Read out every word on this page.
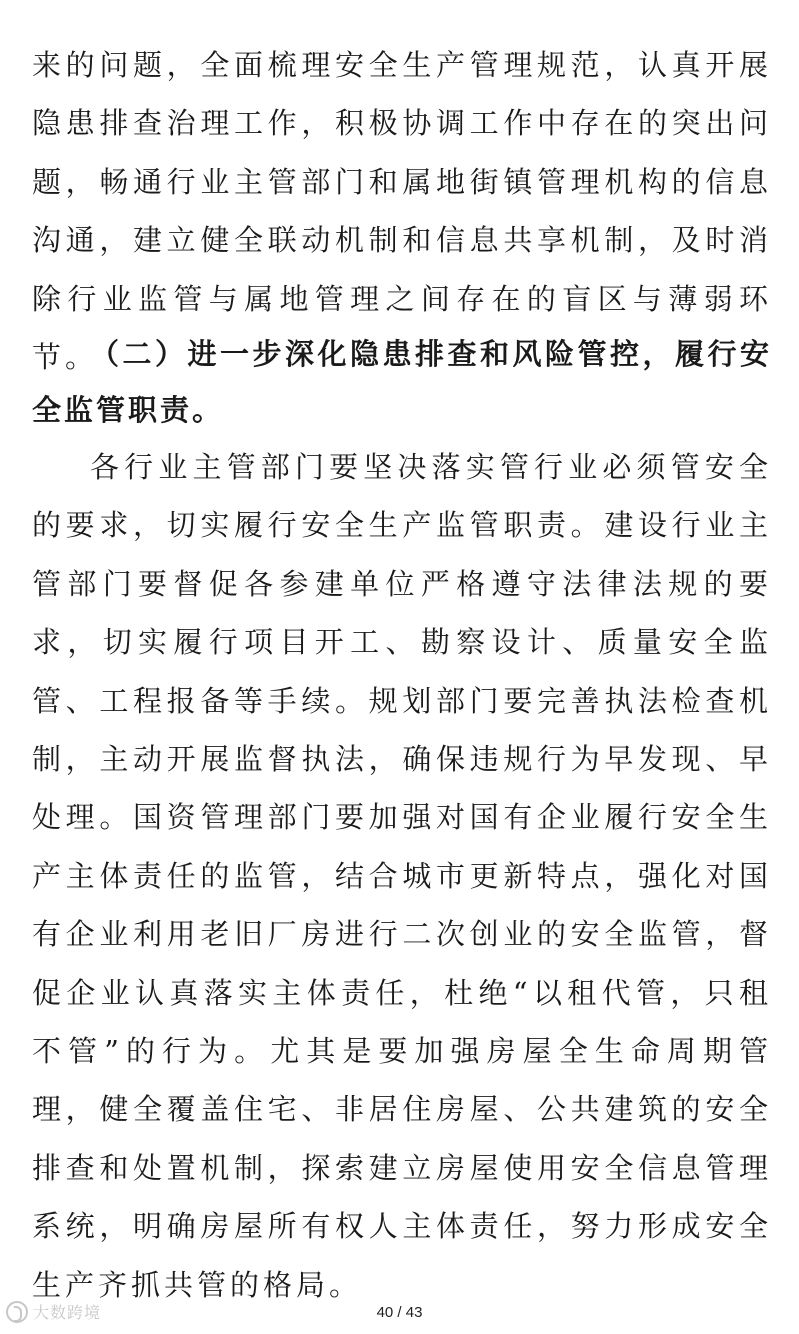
来的问题，全面梳理安全生产管理规范，认真开展隐患排查治理工作，积极协调工作中存在的突出问题，畅通行业主管部门和属地街镇管理机构的信息沟通，建立健全联动机制和信息共享机制，及时消除行业监管与属地管理之间存在的盲区与薄弱环节。

（二）进一步深化隐患排查和风险管控，履行安全监管职责。

各行业主管部门要坚决落实管行业必须管安全的要求，切实履行安全生产监管职责。建设行业主管部门要督促各参建单位严格遵守法律法规的要求，切实履行项目开工、勘察设计、质量安全监管、工程报备等手续。规划部门要完善执法检查机制，主动开展监督执法，确保违规行为早发现、早处理。国资管理部门要加强对国有企业履行安全生产主体责任的监管，结合城市更新特点，强化对国有企业利用老旧厂房进行二次创业的安全监管，督促企业认真落实主体责任，杜绝“以租代管，只租不管”的行为。尤其是要加强房屋全生命周期管理，健全覆盖住宅、非居住房屋、公共建筑的安全排查和处置机制，探索建立房屋使用安全信息管理系统，明确房屋所有权人主体责任，努力形成安全生产齐抓共管的格局。

40 / 43
大数跨境
